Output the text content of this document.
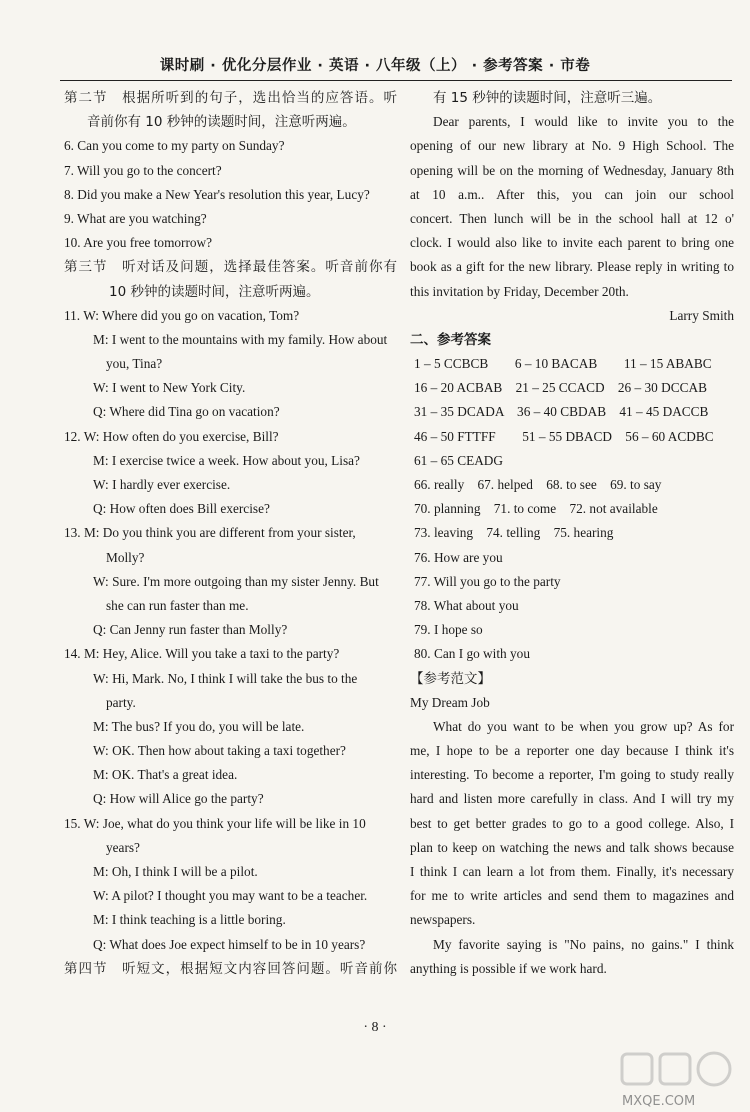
课时刷 · 优化分层作业 · 英语 · 八年级（上） · 参考答案 · 市卷
第二节　根据所听到的句子，选出恰当的应答语。听
音前你有 10 秒钟的读题时间，注意听两遍。
6. Can you come to my party on Sunday?
7. Will you go to the concert?
8. Did you make a New Year's resolution this year, Lucy?
9. What are you watching?
10. Are you free tomorrow?
第三节　听对话及问题，选择最佳答案。听音前你有
10 秒钟的读题时间，注意听两遍。
11. W: Where did you go on vacation, Tom?
M: I went to the mountains with my family. How about
you, Tina?
W: I went to New York City.
Q: Where did Tina go on vacation?
12. W: How often do you exercise, Bill?
M: I exercise twice a week. How about you, Lisa?
W: I hardly ever exercise.
Q: How often does Bill exercise?
13. M: Do you think you are different from your sister,
Molly?
W: Sure. I'm more outgoing than my sister Jenny. But
she can run faster than me.
Q: Can Jenny run faster than Molly?
14. M: Hey, Alice. Will you take a taxi to the party?
W: Hi, Mark. No, I think I will take the bus to the
party.
M: The bus? If you do, you will be late.
W: OK. Then how about taking a taxi together?
M: OK. That's a great idea.
Q: How will Alice go the party?
15. W: Joe, what do you think your life will be like in 10
years?
M: Oh, I think I will be a pilot.
W: A pilot? I thought you may want to be a teacher.
M: I think teaching is a little boring.
Q: What does Joe expect himself to be in 10 years?
第四节　听短文，根据短文内容回答问题。听音前你
有 15 秒钟的读题时间，注意听三遍。
Dear parents, I would like to invite you to the
opening of our new library at No. 9 High School. The
opening will be on the morning of Wednesday, January 8th
at 10 a.m.. After this, you can join our school
concert. Then lunch will be in the school hall at 12 o'
clock. I would also like to invite each parent to bring one
book as a gift for the new library. Please reply in writing to
this invitation by Friday, December 20th.
Larry Smith
二、参考答案
1 – 5 CCBCB　　6 – 10 BACAB　　11 – 15 ABABC
16 – 20 ACBAB　21 – 25 CCACD　26 – 30 DCCAB
31 – 35 DCADA　36 – 40 CBDAB　41 – 45 DACCB
46 – 50 FTTFF　　51 – 55 DBACD　56 – 60 ACDBC
61 – 65 CEADG
66. really　67. helped　68. to see　69. to say
70. planning　71. to come　72. not available
73. leaving　74. telling　75. hearing
76. How are you
77. Will you go to the party
78. What about you
79. I hope so
80. Can I go with you
【参考范文】
My Dream Job
What do you want to be when you grow up? As for
me, I hope to be a reporter one day because I think it's
interesting. To become a reporter, I'm going to study really
hard and listen more carefully in class. And I will try my
best to get better grades to go to a good college. Also, I
plan to keep on watching the news and talk shows because
I think I can learn a lot from them. Finally, it's necessary
for me to write articles and send them to magazines and
newspapers.
My favorite saying is "No pains, no gains." I think
anything is possible if we work hard.
· 8 ·
MXQE.COM
